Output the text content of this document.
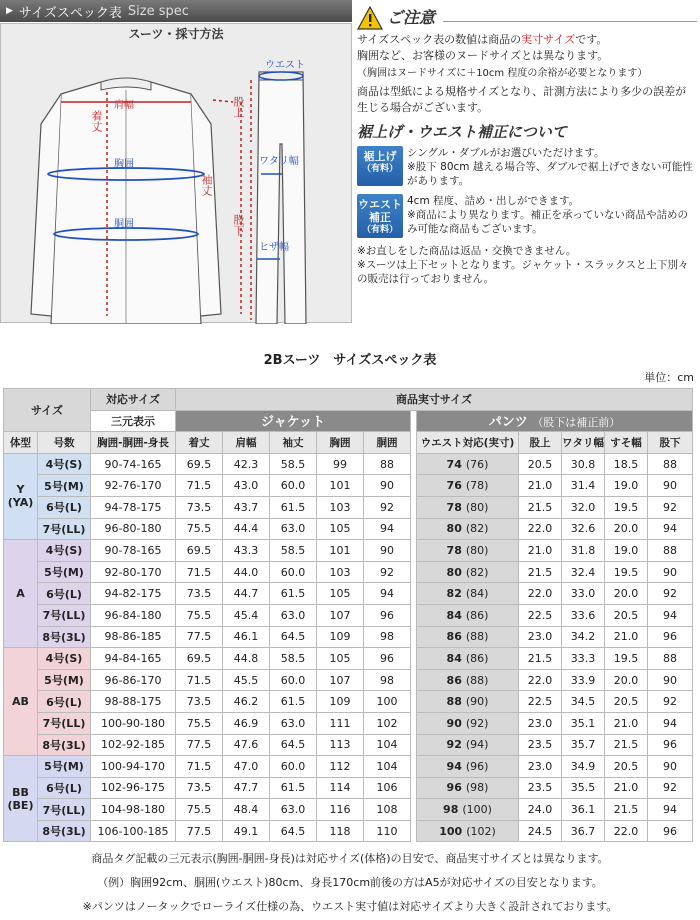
▶ サイズスペック表 Size spec
スーツ・採寸方法
肩幅
着丈
胸囲
胴囲
袖丈
ウエスト
股上
ワタリ幅
股下
ヒザ幅
ご注意
サイズスペック表の数値は商品の実寸サイズです。
胸囲など、お客様のヌードサイズとは異なります。
（胸囲はヌードサイズに＋10cm 程度の余裕が必要となります）
商品は型紙による規格サイズとなり、計測方法により多少の誤差が生じる場合がございます。
裾上げ・ウエスト補正について
裾上げ
（有料）
シングル・ダブルがお選びいただけます。
※股下 80cm 越える場合等、ダブルで裾上げできない可能性があります。
ウエスト
補正
（有料）
4cm 程度、詰め・出しができます。
※商品により異なります。補正を承っていない商品や詰めのみ可能な商品もございます。
※お直しをした商品は返品・交換できません。
※スーツは上下セットとなります。ジャケット・スラックスと上下別々の販売は行っておりません。
2Bスーツ　サイズスペック表
単位：cm
サイズ		対応サイズ	商品実寸サイズ										
		三元表示	ジャケット						パンツ （股下は補正前）				
体型	号数	胸囲-胴囲-身長	着丈	肩幅	袖丈	胸囲	胴囲		ウエスト対応(実寸)	股上	ワタリ幅	すそ幅	股下
Y
(YA)	4号(S)	90-74-165	69.5	42.3	58.5	99	88		74 (76)	20.5	30.8	18.5	88
	5号(M)	92-76-170	71.5	43.0	60.0	101	90		76 (78)	21.0	31.4	19.0	90
	6号(L)	94-78-175	73.5	43.7	61.5	103	92		78 (80)	21.5	32.0	19.5	92
	7号(LL)	96-80-180	75.5	44.4	63.0	105	94		80 (82)	22.0	32.6	20.0	94
A	4号(S)	90-78-165	69.5	43.3	58.5	101	90		78 (80)	21.0	31.8	19.0	88
	5号(M)	92-80-170	71.5	44.0	60.0	103	92		80 (82)	21.5	32.4	19.5	90
	6号(L)	94-82-175	73.5	44.7	61.5	105	94		82 (84)	22.0	33.0	20.0	92
	7号(LL)	96-84-180	75.5	45.4	63.0	107	96		84 (86)	22.5	33.6	20.5	94
	8号(3L)	98-86-185	77.5	46.1	64.5	109	98		86 (88)	23.0	34.2	21.0	96
AB	4号(S)	94-84-165	69.5	44.8	58.5	105	96		84 (86)	21.5	33.3	19.5	88
	5号(M)	96-86-170	71.5	45.5	60.0	107	98		86 (88)	22.0	33.9	20.0	90
	6号(L)	98-88-175	73.5	46.2	61.5	109	100		88 (90)	22.5	34.5	20.5	92
	7号(LL)	100-90-180	75.5	46.9	63.0	111	102		90 (92)	23.0	35.1	21.0	94
	8号(3L)	102-92-185	77.5	47.6	64.5	113	104		92 (94)	23.5	35.7	21.5	96
BB
(BE)	5号(M)	100-94-170	71.5	47.0	60.0	112	104		94 (96)	23.0	34.9	20.5	90
	6号(L)	102-96-175	73.5	47.7	61.5	114	106		96 (98)	23.5	35.5	21.0	92
	7号(LL)	104-98-180	75.5	48.4	63.0	116	108		98 (100)	24.0	36.1	21.5	94
	8号(3L)	106-100-185	77.5	49.1	64.5	118	110		100 (102)	24.5	36.7	22.0	96
商品タグ記載の三元表示(胸囲-胴囲-身長)は対応サイズ(体格)の目安で、商品実寸サイズとは異なります。
（例）胸囲92cm、胴囲(ウエスト)80cm、身長170cm前後の方はA5が対応サイズの目安となります。
※パンツはノータックでローライズ仕様の為、ウエスト実寸値は対応サイズより大きく設計されております。
